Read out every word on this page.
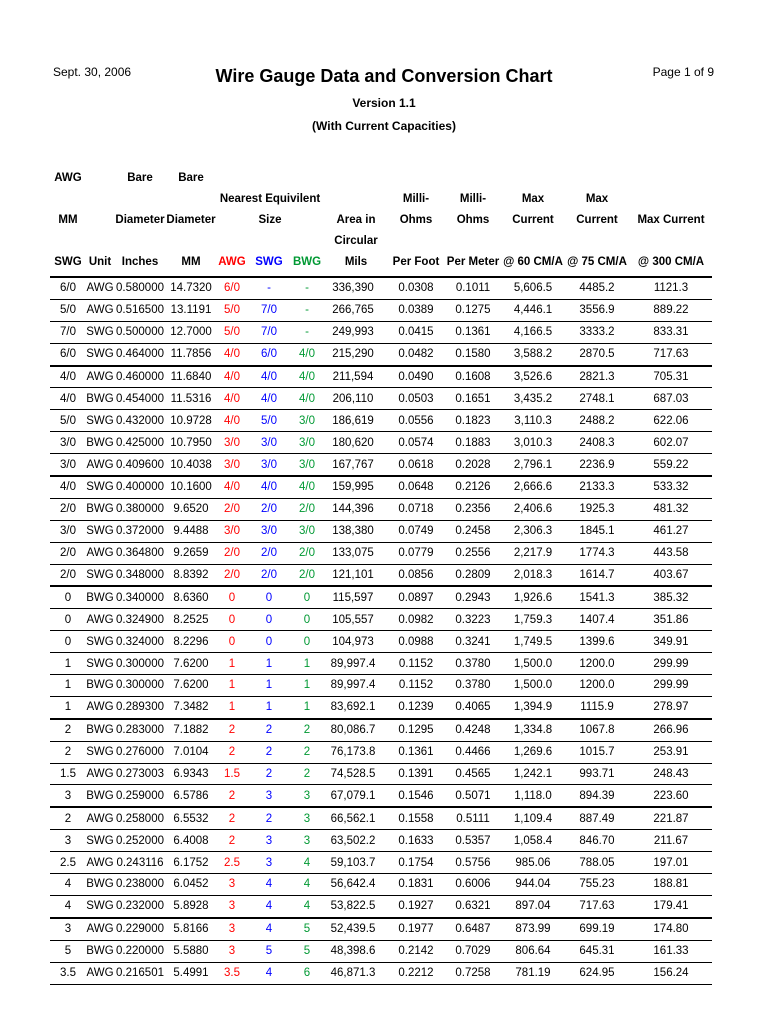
Sept. 30, 2006	Page 1 of 9
Wire Gauge Data and Conversion Chart
Version 1.1
(With Current Capacities)
AWG		Bare	Bare									
MM		Diameter	Diameter	Nearest Equivilent Size			Area in	Milli-Ohms	Milli-Ohms	Max Current	Max Current	Max Current
SWG	Unit	Inches	MM	AWG	SWG	BWG	Circular Mils	Per Foot	Per Meter	@ 60 CM/A	@ 75 CM/A	@ 300 CM/A
6/0	AWG	0.580000	14.7320	6/0	-	-	336,390	0.0308	0.1011	5,606.5	4485.2	1121.3
5/0	AWG	0.516500	13.1191	5/0	7/0	-	266,765	0.0389	0.1275	4,446.1	3556.9	889.22
7/0	SWG	0.500000	12.7000	5/0	7/0	-	249,993	0.0415	0.1361	4,166.5	3333.2	833.31
6/0	SWG	0.464000	11.7856	4/0	6/0	4/0	215,290	0.0482	0.1580	3,588.2	2870.5	717.63
4/0	AWG	0.460000	11.6840	4/0	4/0	4/0	211,594	0.0490	0.1608	3,526.6	2821.3	705.31
4/0	BWG	0.454000	11.5316	4/0	4/0	4/0	206,110	0.0503	0.1651	3,435.2	2748.1	687.03
5/0	SWG	0.432000	10.9728	4/0	5/0	3/0	186,619	0.0556	0.1823	3,110.3	2488.2	622.06
3/0	BWG	0.425000	10.7950	3/0	3/0	3/0	180,620	0.0574	0.1883	3,010.3	2408.3	602.07
3/0	AWG	0.409600	10.4038	3/0	3/0	3/0	167,767	0.0618	0.2028	2,796.1	2236.9	559.22
4/0	SWG	0.400000	10.1600	4/0	4/0	4/0	159,995	0.0648	0.2126	2,666.6	2133.3	533.32
2/0	BWG	0.380000	9.6520	2/0	2/0	2/0	144,396	0.0718	0.2356	2,406.6	1925.3	481.32
3/0	SWG	0.372000	9.4488	3/0	3/0	3/0	138,380	0.0749	0.2458	2,306.3	1845.1	461.27
2/0	AWG	0.364800	9.2659	2/0	2/0	2/0	133,075	0.0779	0.2556	2,217.9	1774.3	443.58
2/0	SWG	0.348000	8.8392	2/0	2/0	2/0	121,101	0.0856	0.2809	2,018.3	1614.7	403.67
0	BWG	0.340000	8.6360	0	0	0	115,597	0.0897	0.2943	1,926.6	1541.3	385.32
0	AWG	0.324900	8.2525	0	0	0	105,557	0.0982	0.3223	1,759.3	1407.4	351.86
0	SWG	0.324000	8.2296	0	0	0	104,973	0.0988	0.3241	1,749.5	1399.6	349.91
1	SWG	0.300000	7.6200	1	1	1	89,997.4	0.1152	0.3780	1,500.0	1200.0	299.99
1	BWG	0.300000	7.6200	1	1	1	89,997.4	0.1152	0.3780	1,500.0	1200.0	299.99
1	AWG	0.289300	7.3482	1	1	1	83,692.1	0.1239	0.4065	1,394.9	1115.9	278.97
2	BWG	0.283000	7.1882	2	2	2	80,086.7	0.1295	0.4248	1,334.8	1067.8	266.96
2	SWG	0.276000	7.0104	2	2	2	76,173.8	0.1361	0.4466	1,269.6	1015.7	253.91
1.5	AWG	0.273003	6.9343	1.5	2	2	74,528.5	0.1391	0.4565	1,242.1	993.71	248.43
3	BWG	0.259000	6.5786	2	3	3	67,079.1	0.1546	0.5071	1,118.0	894.39	223.60
2	AWG	0.258000	6.5532	2	2	3	66,562.1	0.1558	0.5111	1,109.4	887.49	221.87
3	SWG	0.252000	6.4008	2	3	3	63,502.2	0.1633	0.5357	1,058.4	846.70	211.67
2.5	AWG	0.243116	6.1752	2.5	3	4	59,103.7	0.1754	0.5756	985.06	788.05	197.01
4	BWG	0.238000	6.0452	3	4	4	56,642.4	0.1831	0.6006	944.04	755.23	188.81
4	SWG	0.232000	5.8928	3	4	4	53,822.5	0.1927	0.6321	897.04	717.63	179.41
3	AWG	0.229000	5.8166	3	4	5	52,439.5	0.1977	0.6487	873.99	699.19	174.80
5	BWG	0.220000	5.5880	3	5	5	48,398.6	0.2142	0.7029	806.64	645.31	161.33
3.5	AWG	0.216501	5.4991	3.5	4	6	46,871.3	0.2212	0.7258	781.19	624.95	156.24
